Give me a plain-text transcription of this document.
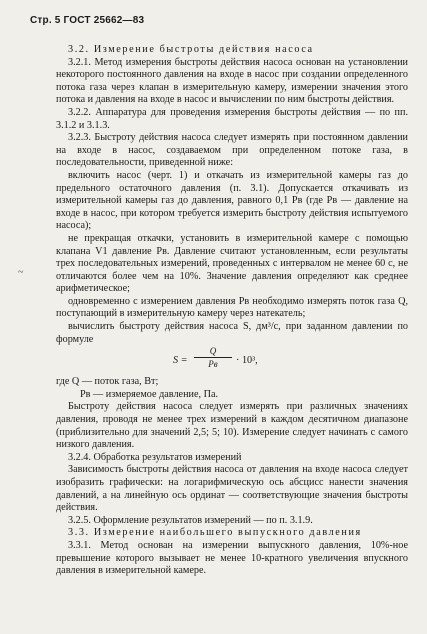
Стр. 5 ГОСТ 25662—83
~

3.2. Измерение быстроты действия насоса

3.2.1. Метод измерения быстроты действия насоса основан на установлении некоторого постоянного давления на входе в насос при создании определенного потока газа через клапан в измерительную камеру, измерении значения этого потока и давления на входе в насос и вычислении по ним быстроты действия.

3.2.2. Аппаратура для проведения измерения быстроты действия — по пп. 3.1.2 и 3.1.3.

3.2.3. Быстроту действия насоса следует измерять при постоянном давлении на входе в насос, создаваемом при определенном потоке газа, в последовательности, приведенной ниже:

включить насос (черт. 1) и откачать из измерительной камеры газ до предельного остаточного давления (п. 3.1). Допускается откачивать из измерительной камеры газ до давления, равного 0,1 Pв (где Pв — давление на входе в насос, при котором требуется измерить быстроту действия испытуемого насоса);

не прекращая откачки, установить в измерительной камере с помощью клапана V1 давление Pв. Давление считают установленным, если результаты трех последовательных измерений, проведенных с интервалом не менее 60 с, не отличаются более чем на 10%. Значение давления определяют как среднее арифметическое;

одновременно с измерением давления Pв необходимо измерять поток газа Q, поступающий в измерительную камеру через натекатель;

вычислить быстроту действия насоса S, дм³/с, при заданном давлении по формуле

S =
Q
Pв	· 10³,

где Q — поток газа, Вт;

Pв — измеряемое давление, Па.

Быстроту действия насоса следует измерять при различных значениях давления, проводя не менее трех измерений в каждом десятичном диапазоне (приблизительно для значений 2,5; 5; 10). Измерение следует начинать с самого низкого давления.

3.2.4. Обработка результатов измерений

Зависимость быстроты действия насоса от давления на входе насоса следует изобразить графически: на логарифмическую ось абсцисс нанести значения давлений, а на линейную ось ординат — соответствующие значения быстроты действия.

3.2.5. Оформление результатов измерений — по п. 3.1.9.

3.3. Измерение наибольшего выпускного давления

3.3.1. Метод основан на измерении выпускного давления, 10%-ное превышение которого вызывает не менее 10-кратного увеличения впускного давления в измерительной камере.
